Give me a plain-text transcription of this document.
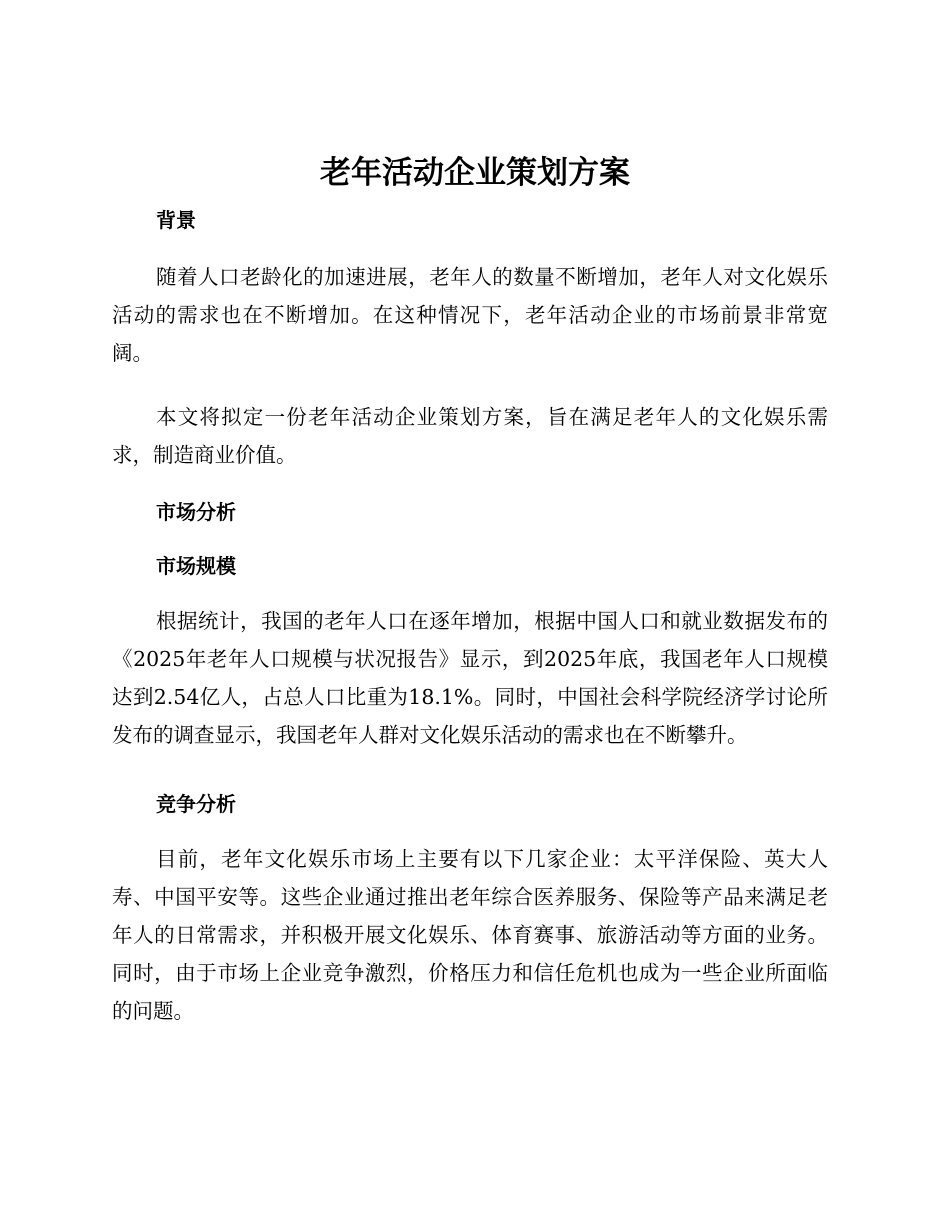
老年活动企业策划方案
背景

随着人口老龄化的加速进展，老年人的数量不断增加，老年人对文化娱乐活动的需求也在不断增加。在这种情况下，老年活动企业的市场前景非常宽阔。

本文将拟定一份老年活动企业策划方案，旨在满足老年人的文化娱乐需求，制造商业价值。

市场分析
市场规模

根据统计，我国的老年人口在逐年增加，根据中国人口和就业数据发布的《2025年老年人口规模与状况报告》显示，到2025年底，我国老年人口规模达到2.54亿人，占总人口比重为18.1%。同时，中国社会科学院经济学讨论所发布的调查显示，我国老年人群对文化娱乐活动的需求也在不断攀升。

竞争分析

目前，老年文化娱乐市场上主要有以下几家企业：太平洋保险、英大人寿、中国平安等。这些企业通过推出老年综合医养服务、保险等产品来满足老年人的日常需求，并积极开展文化娱乐、体育赛事、旅游活动等方面的业务。同时，由于市场上企业竞争激烈，价格压力和信任危机也成为一些企业所面临的问题。
